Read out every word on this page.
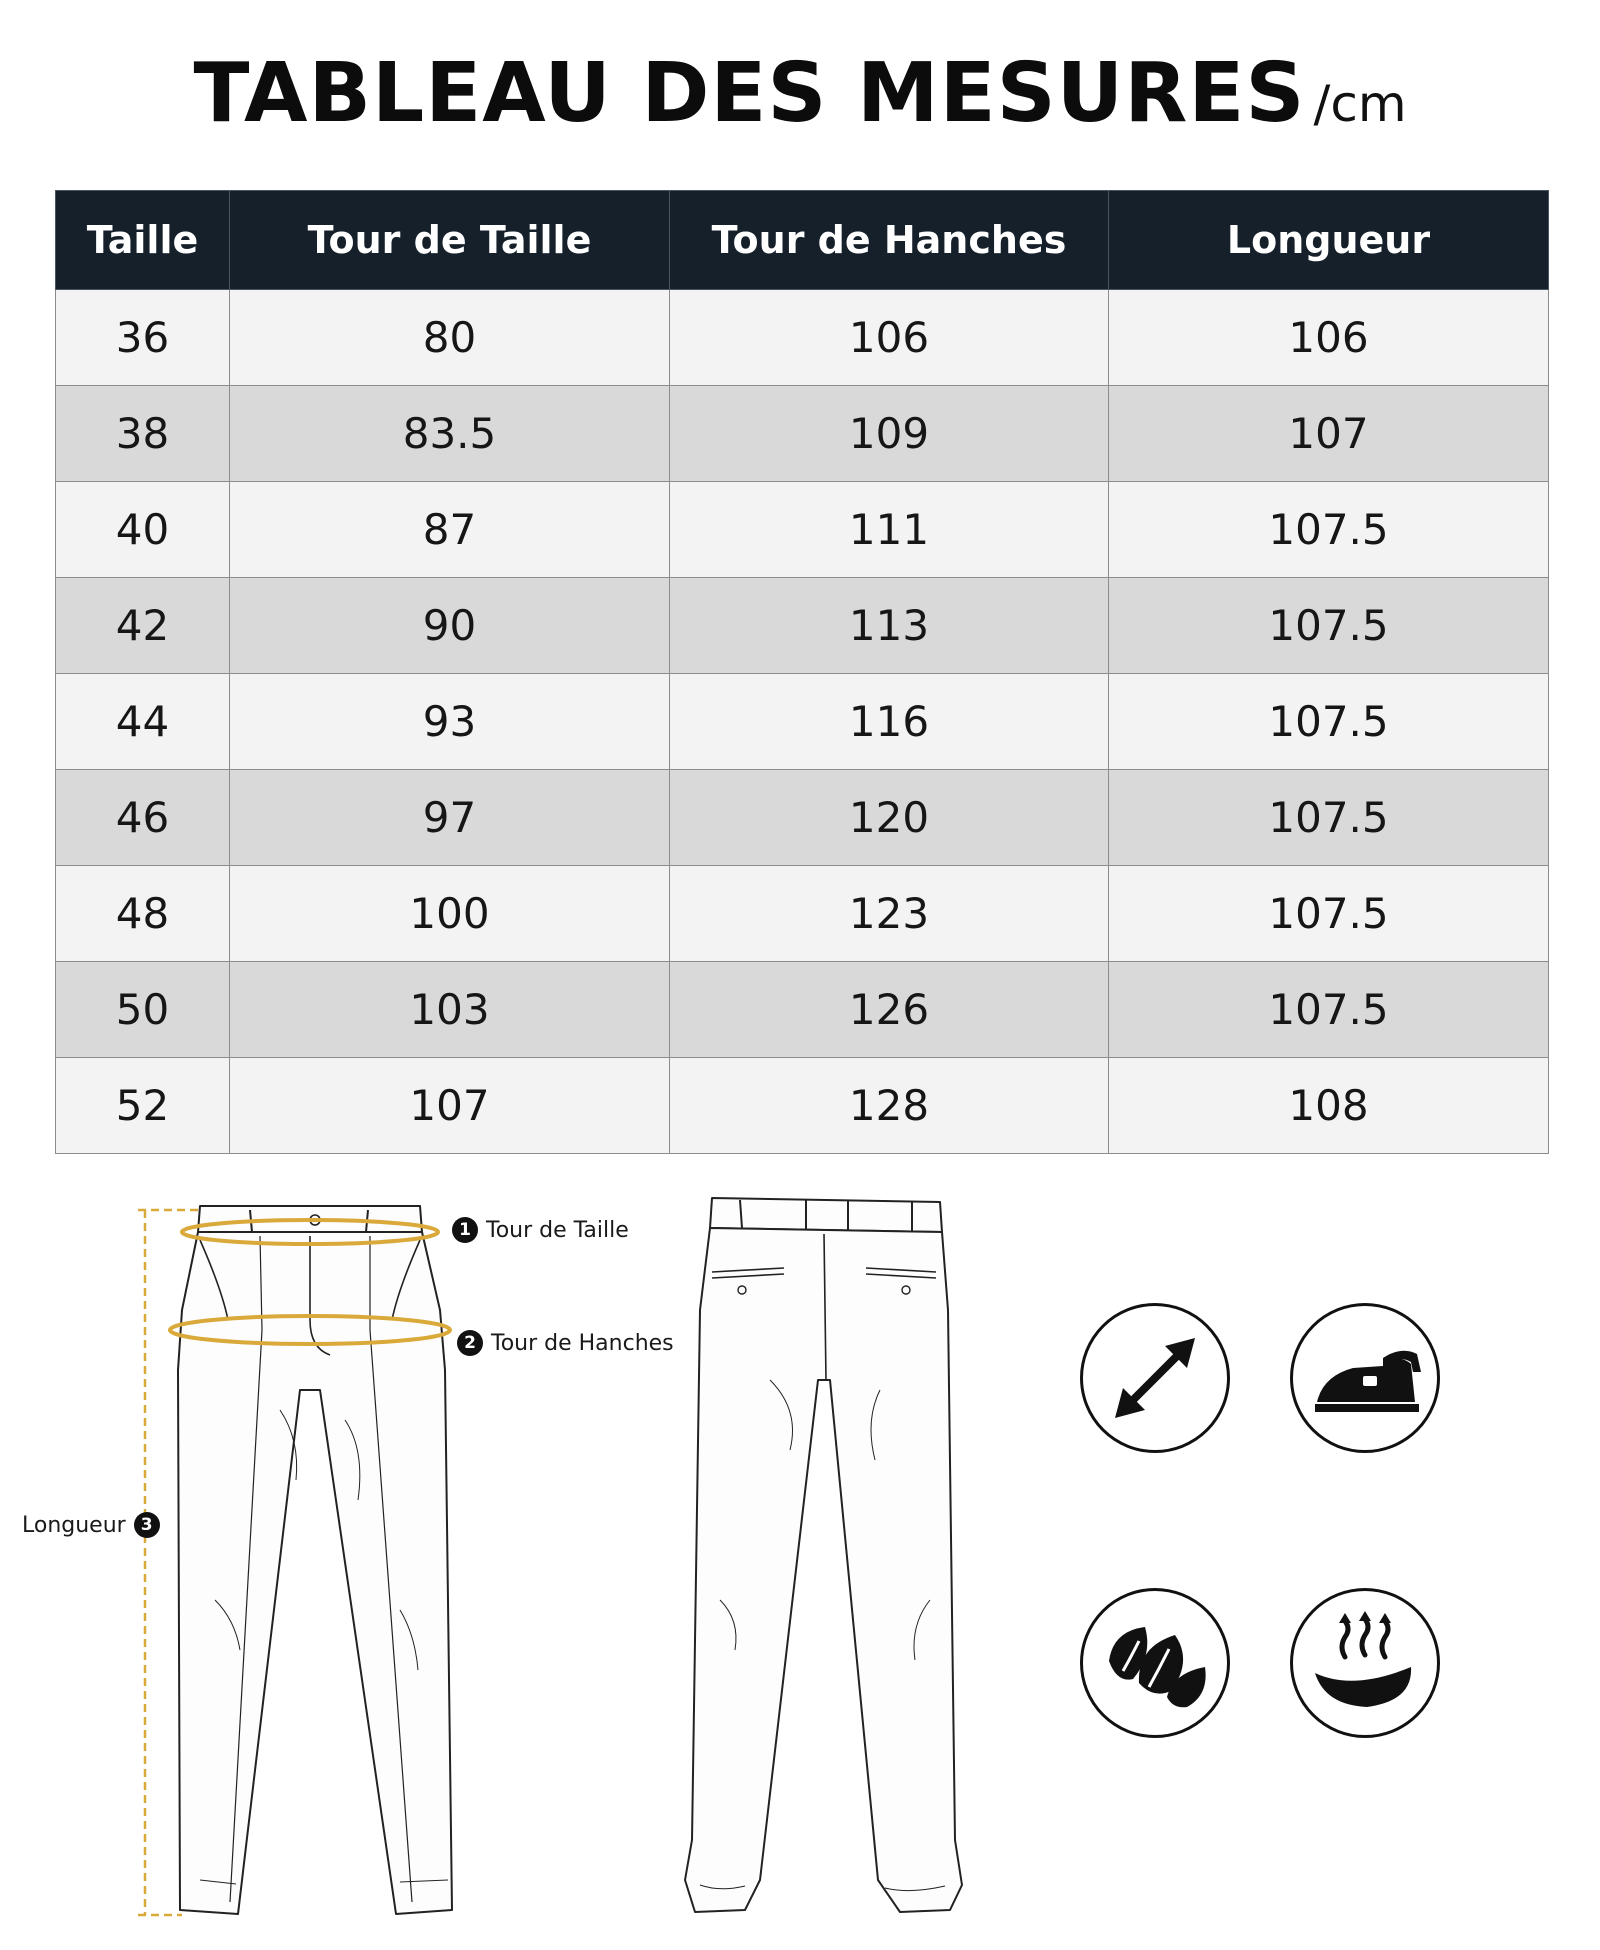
TABLEAU DES MESURES /cm
Taille	Tour de Taille	Tour de Hanches	Longueur
36	80	106	106
38	83.5	109	107
40	87	111	107.5
42	90	113	107.5
44	93	116	107.5
46	97	120	107.5
48	100	123	107.5
50	103	126	107.5
52	107	128	108
1 Tour de Taille
2 Tour de Hanches
Longueur 3
